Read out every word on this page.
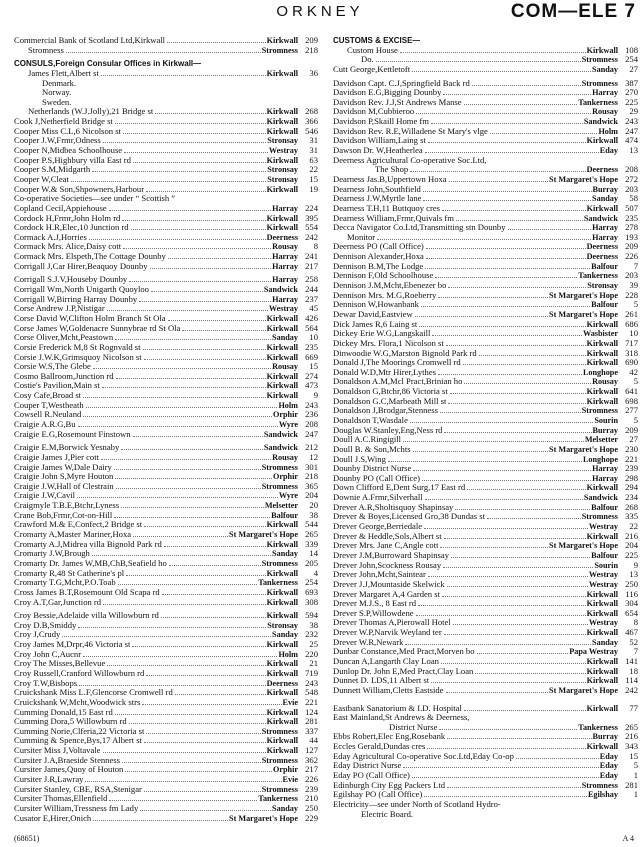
ORKNEY	COM—ELE 7
Commercial Bank of Scotland Ltd,Kirkwall	Kirkwall 209
Stromness	Stromness 218
CONSULS,Foreign Consular Offices in Kirkwall—
James Flett,Albert st	Kirkwall	36
Denmark.
Norway.
Sweden.
Netherlands (W.J.Jolly),21 Bridge st	Kirkwall 268
Cook J,Netherfield Bridge st	Kirkwall 366
Cooper Miss C.L,6 Nicolson st	Kirkwall 546
Cooper J.W,Frmr,Odness	Stronsay	31
Cooper N,Midbea Schoolhouse	Westray	31
Cooper P.S,Highbury villa East rd	Kirkwall	63
Cooper S.M,Midgarth	Stronsay	22
Cooper W,Cleat	Stronsay	15
Cooper W.& Son,Shpowners,Harbour	Kirkwall	19
Co-operative Societies—see under “ Scottish ”
Copland Cecil,Appiehouse	Harray 224
Cordock H,Frmr,John Holm rd	Kirkwall 395
Cordock H.R,Elec,10 Junction rd	Kirkwall 554
Cormack A.J,Horries	Deerness 242
Cormack Mrs. Alice,Daisy cott	Rousay	8
Cormack Mrs. Elspeth,The Cottage Dounby	Harray 241
Corrigall J,Car Hirer,Beaquoy Dounby	Harray 217
Corrigall S.J.V,Houseby Dounby	Harray 258
Corrigall Wm,North Unigarth Quoyloo	Sandwick 244
Corrigall W,Birring Harray Dounby	Harray 237
Corse Andrew J.P,Nistigar	Westray	45
Corse David W,Clifton Holm Branch St Ola	Kirkwall 426
Corse James W,Goldenacre Sunnybrae rd St Ola	Kirkwall 564
Corse Oliver,Mcht,Peastown	Sanday	10
Corsie Frederick M,8 St Rognvald st	Kirkwall 235
Corsie J.W.K,Grimsquoy Nicolson st	Kirkwall 669
Corsie W.S,The Glebe	Rousay	15
Cosmo Ballroom,Junction rd	Kirkwall 274
Costie's Pavilion,Main st	Kirkwall 473
Cosy Cafe,Broad st	Kirkwall	9
Couper T,Westheath	Holm 243
Cowsell R.Neuland	Orphir 236
Craigie A.R.G,Bu	Wyre 208
Craigie E.G,Rosemount Finstown	Sandwick 247
Craigie E.M,Borwick Yesnaby	Sandwick 212
Craigie James J,Pier cott	Rousay	12
Craigie James W,Dale Dairy	Stromness 301
Craigie John S,Myre Houton	Orphir 218
Craigie J.W,Hall of Clestrain	Stromness 365
Craigie J.W,Cavil	Wyre 204
Craigmyle T.B.E,Btchr,Lyness	Melsetter	20
Crane Bob,Frmr,Cot-on-Hill	Balfour	38
Crawford M.& E,Confect,2 Bridge st	Kirkwall 544
Cromarty A,Master Mariner,Hoxa	St Margaret's Hope 265
Cromarty A.J,Midrea villa Bignold Park rd	Kirkwall 339
Cromarty J.W,Brough	Sanday	14
Cromarty Dr. James W,MB,ChB,Seafield ho	Stromness 205
Cromarty R,48 St Catherine's pl	Kirkwall	4
Cromarty T.G,Mcht,P.O.Toab	Tankerness 254
Cross James B.T,Rosemount Old Scapa rd	Kirkwall 693
Croy A.T,Gar,Junction rd	Kirkwall 308
Croy Bessie,Adelaide villa Willowburn rd	Kirkwall 594
Croy D.B,Smiddy	Stronsay	38
Croy J,Crudy	Sanday 232
Croy James M,Drpr,46 Victoria st	Kirkwall	25
Croy John C,Aucnr	Holm 220
Croy The Misses,Bellevue	Kirkwall	21
Croy Russell,Cranford Willowburn rd	Kirkwall 719
Croy T.W,Bisbops	Deerness 243
Cruickshank Miss L.F,Glencorse Cromwell rd	Kirkwall 548
Cruickshank W,Mcht,Woodwick strs	Evie 221
Cumming Donald,15 East rd	Kirkwall 124
Cumming Dora,5 Willowburn rd	Kirkwall 281
Cumming Norie,Clferia,22 Victoria st	Stromness 337
Cumming & Spence,Bys,17 Albert st	Kirkwall	44
Cursiter Miss J,Voltavale	Kirkwall 127
Cursiter J.A,Braeside Stenness	Stromness 362
Cursiter James,Quoy of Houton	Orphir 217
Cursiter J.R,Lawray	Evie 226
Cursiter Stanley, CBE, RSA,Stenigar	Stromness 239
Cursiter Thomas,Ellenfield	Tankerness 210
Cursiter William,Tressness fm Lady	Sanday 250
Cusator E,Hirer,Onich	St Margaret's Hope 229
CUSTOMS & EXCISE—
Custom House	Kirkwall 108
Do.	Stromness 254
Cutt George,Kettletoft	Sanday	27
Davidson Capt. C.J,Springfield Back rd	Stromness 387
Davidson E.G,Bigging Dounby	Harray 270
Davidson Rev. J.J,St Andrews Manse	Tankerness 225
Davidson M,Cubbieroo	Rousay	29
Davidson P,Skaill Home fm	Sandwick 243
Davidson Rev. R.E,Willadene St Mary's vlge	Holm 247
Davidson William,Laing st	Kirkwall 474
Dawson Dr. W,Heatherlea	Eday	13
Deerness Agricultural Co-operative Soc.Ltd,
The Shop	Deerness 208
Dearness Jas.B,Uppertown Hoxa	St Margaret's Hope 272
Dearness John,Southfield	Burray 203
Dearness J.W,Myrtle lane	Sanday	58
Dearness T.H,11 Buttquoy cres	Kirkwall 507
Dearness William,Frmr,Quivals fm	Sandwick 235
Decca Navigator Co.Ltd,Transmitting stn Dounby	Harray 278
Monitor	Harray 193
Deerness PO (Call Office)	Deerness 209
Dennison Alexander,Hoxa	Deerness 226
Dennison B.M,The Lodge	Balfour	7
Dennison F,Old Schoolhouse	Tankerness 203
Dennison J.M,Mcht,Ebenezer bo	Stronsay	39
Dennison Mrs. M.G,Roeberry	St Margaret's Hope 228
Dennison W,Howanbank	Balfour	5
Dewar David,Eastview	St Margaret's Hope 261
Dick James R,6 Laing st	Kirkwall 686
Dickey Erie W.G,Langskaill	Wasbister	10
Dickey Mrs. Flora,1 Nicolson st	Kirkwall 717
Dinwoodie W.G,Marston Bignold Park rd	Kirkwall 318
Donald J,The Moorings Cromwell rd	Kirkwall 690
Donald W.D,Mtr Hirer,Lythes	Longhope	42
Donaldson A.M,Mcl Pract,Brinian ho	Rousay	5
Donaldson G,Btchr,86 Victoria st	Kirkwall 641
Donaldson G.C,Marbeath Mill st	Kirkwall 698
Donaldson J,Brodgar,Stenness	Stromness 277
Donaldson T,Wasdale	Sourin	5
Douglas W.Stanley,Eng,Ness rd	Burray 209
Doull A.C.Ringigill	Melsetter	27
Doull B. & Son,Mchts	St Margaret's Hope 230
Doull J.S,Wing	Longhope 221
Dounby District Nurse	Harray 239
Dounby PO (Call Office)	Harray 298
Down Clifford E,Dent Surg,17 East rd	Kirkwall 294
Downie A.Frmr,Silverhall	Sandwick 234
Drever A.R,Sholtisquoy Shapinsay	Balfour 268
Drever & Boyes,Licensed Gro,38 Dundas st	Stromness 335
Drever George,Berriedale	Westray	22
Drever & Heddle,Sols,Albert st	Kirkwall 216
Drever Mrs. Jane C,Angle cott	St Margaret's Hope 204
Drever J.M,Burroward Shapinsay	Balfour 225
Drever John,Scockness Rousay	Sourin	9
Drever John,Mcht,Saintear	Westray	13
Drever J.J,Mountaside Skelwick	Westray 250
Drever Margaret A,4 Garden st	Kirkwall 116
Drever M.J.S., 8 East rd	Kirkwall 304
Drever S.P,Willowdene	Kirkwall 654
Drever Thomas A,Pierowall Hotel	Westray	8
Drever W.P,Narvik Weyland ter	Kirkwall 467
Drever W.R,Newark	Sanday	52
Dunbar Constance,Med Pract,Morven bo	Papa Westray	7
Duncan A,Langarth Clay Loan	Kirkwall 141
Dunlop Dr. John E,Med Pract,Clay Loan	Kirkwall	18
Dunnet D. LDS,11 Albert st	Kirkwall 114
Dunnett William,Cletts Eastside	St Margaret's Hope 242
Eastbank Sanatorium & I.D. Hospital	Kirkwall	77
East Mainland,St Andrews & Deerness,
District Nurse	Tankerness 265
Ebbs Robert,Elec Eng,Rosebank	Burray 216
Eccles Gerald,Dundas cres	Kirkwall 343
Eday Agricultural Co-operative Soc.Ltd,Eday Co-op	Eday	15
Eday District Nurse	Eday	5
Eday PO (Call Office)	Eday	1
Edinburgh City Egg Packers Ltd	Stromness 281
Egilshay PO (Call Office)	Egilshay	1
Electricity—see under North of Scotland Hydro-
Electric Board.
(68651)	A 4
